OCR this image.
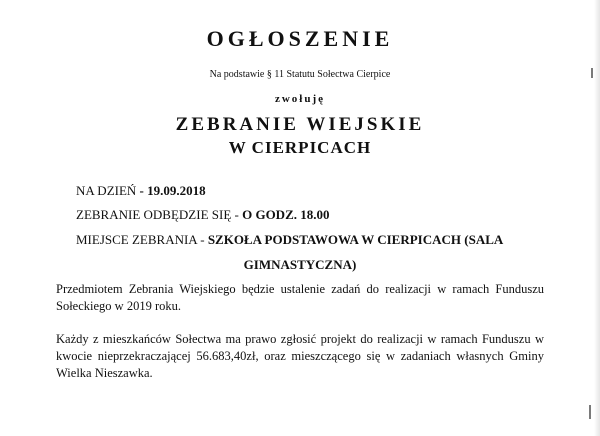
OGŁOSZENIE
Na podstawie § 11 Statutu Sołectwa Cierpice
zwołuję
ZEBRANIE WIEJSKIE
W CIERPICACH
NA DZIEŃ - 19.09.2018
ZEBRANIE ODBĘDZIE SIĘ - O GODZ. 18.00
MIEJSCE ZEBRANIA - SZKOŁA PODSTAWOWA W CIERPICACH (SALA
GIMNASTYCZNA)
Przedmiotem Zebrania Wiejskiego będzie ustalenie zadań do realizacji w ramach Funduszu Sołeckiego w 2019 roku.
Każdy z mieszkańców Sołectwa ma prawo zgłosić projekt do realizacji w ramach Funduszu w kwocie nieprzekraczającej 56.683,40zł, oraz mieszczącego się w zadaniach własnych Gminy Wielka Nieszawka.
